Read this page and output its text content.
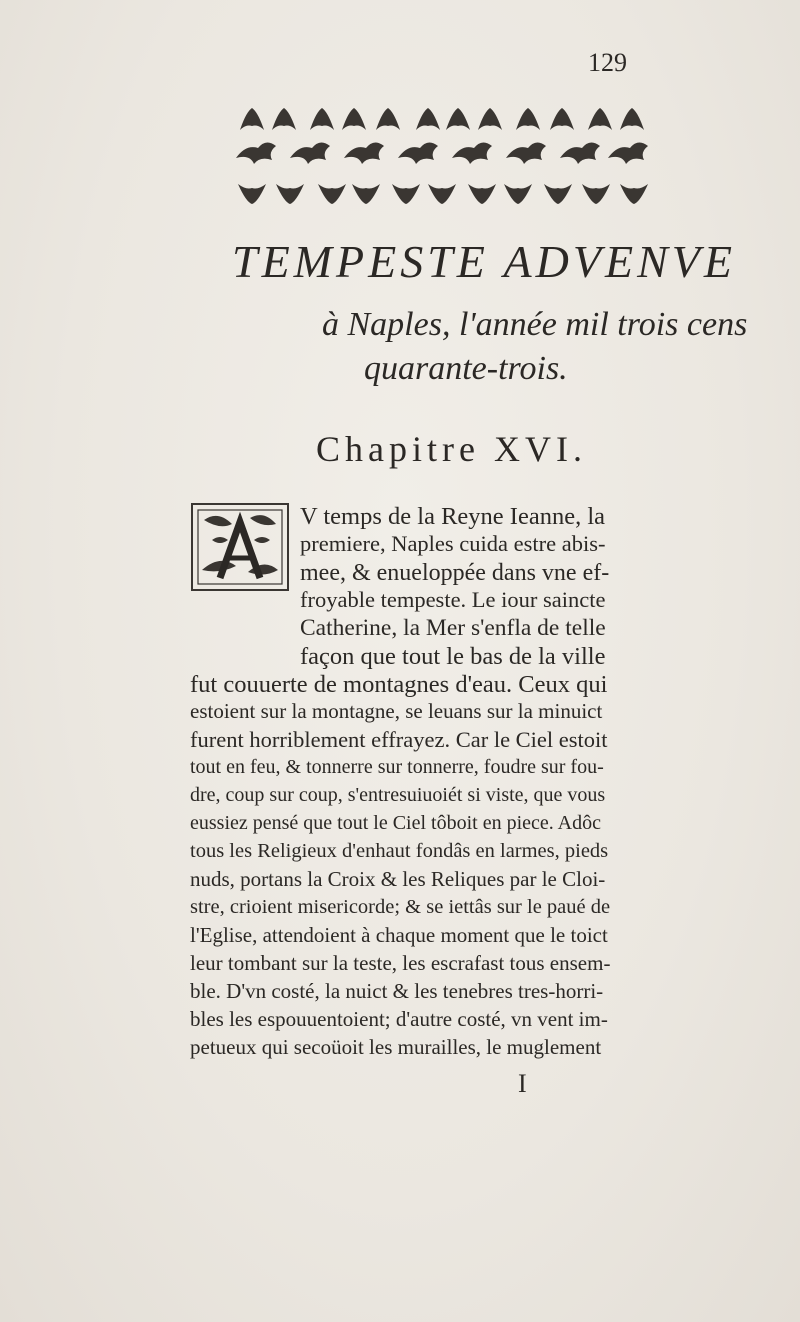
129
TEMPESTE ADVENVE
à Naples, l'année mil trois cens
quarante-trois.
Chapitre XVI.
V temps de la Reyne Ieanne, la
premiere, Naples cuida estre abis-
mee, & enueloppée dans vne ef-
froyable tempeste. Le iour saincte
Catherine, la Mer s'enfla de telle
façon que tout le bas de la ville
fut couuerte de montagnes d'eau. Ceux qui
estoient sur la montagne, se leuans sur la minuict
furent horriblement effrayez. Car le Ciel estoit
tout en feu, & tonnerre sur tonnerre, foudre sur fou-
dre, coup sur coup, s'entresuiuoiét si viste, que vous
eussiez pensé que tout le Ciel tôboit en piece. Adôc
tous les Religieux d'enhaut fondâs en larmes, pieds
nuds, portans la Croix & les Reliques par le Cloi-
stre, crioient misericorde; & se iettâs sur le paué de
l'Eglise, attendoient à chaque moment que le toict
leur tombant sur la teste, les escrafast tous ensem-
ble. D'vn costé, la nuict & les tenebres tres-horri-
bles les espouuentoient; d'autre costé, vn vent im-
petueux qui secoüoit les murailles, le muglement
I
